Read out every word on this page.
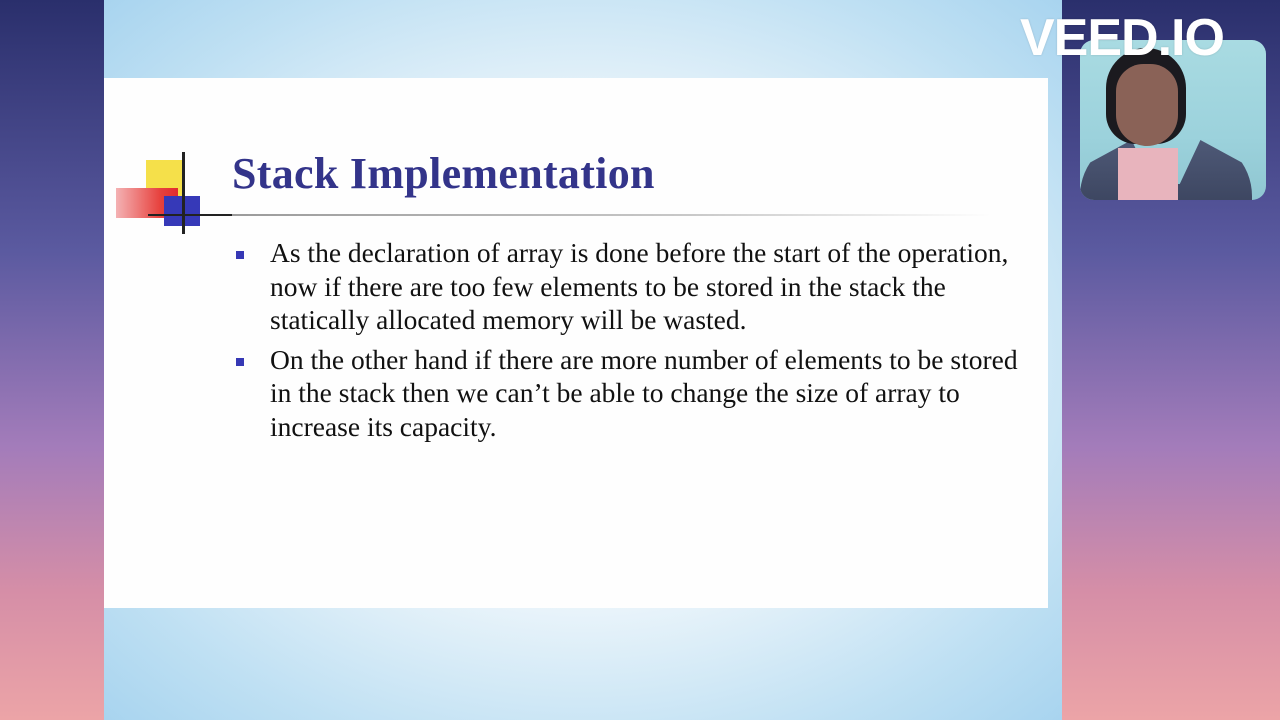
Stack Implementation
As the declaration of array is done before the start of the operation, now if there are too few elements to be stored in the stack the statically allocated memory will be wasted.
On the other hand if there are more number of elements to be stored in the stack then we can’t be able to change the size of array to increase its capacity.
VEED.IO
